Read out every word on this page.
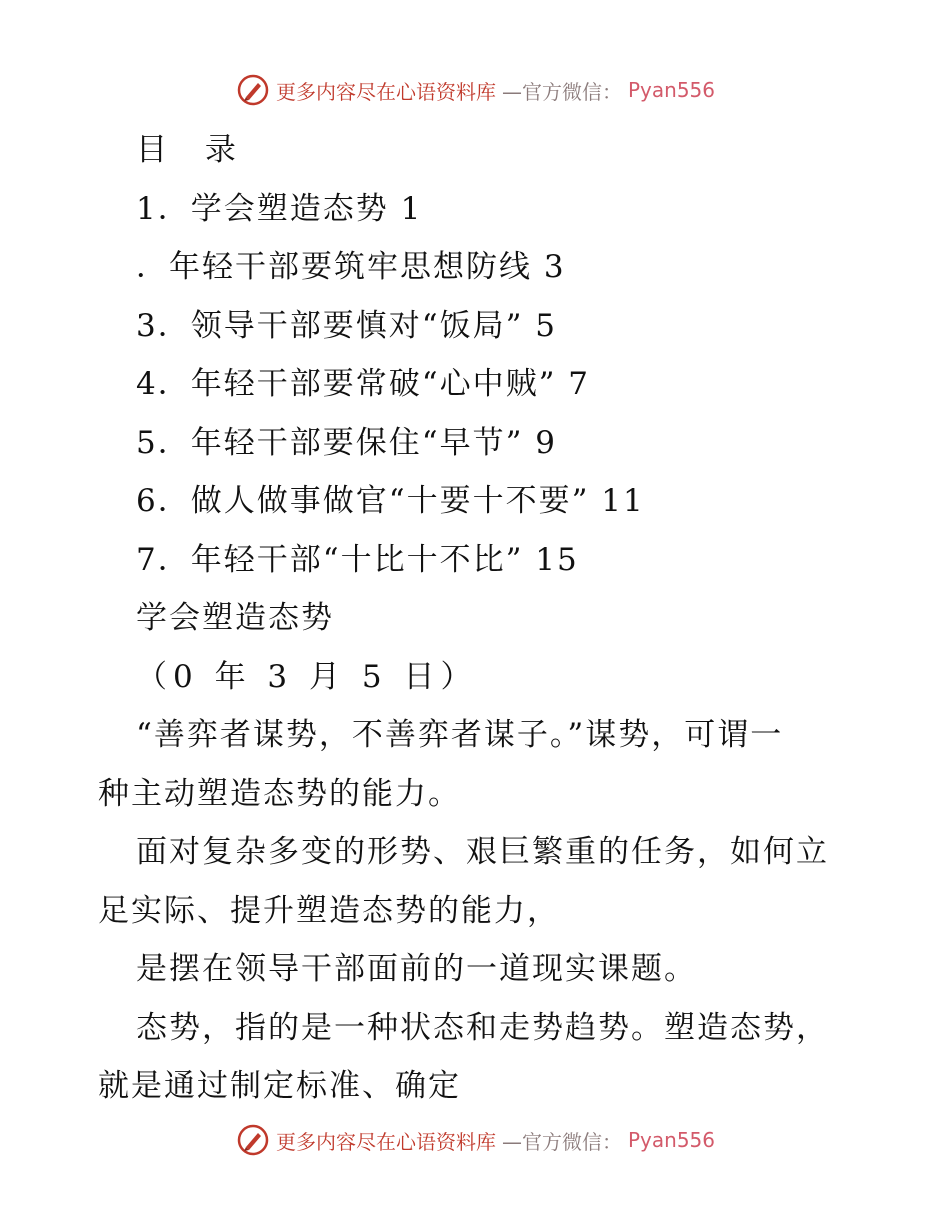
更多内容尽在心语资料库 —官方微信： Pyan556
目 录
1．学会塑造态势 1
．年轻干部要筑牢思想防线 3
3．领导干部要慎对“饭局” 5
4．年轻干部要常破“心中贼” 7
5．年轻干部要保住“早节” 9
6．做人做事做官“十要十不要” 11
7．年轻干部“十比十不比” 15
学会塑造态势
（0 年 3 月 5 日）
“善弈者谋势，不善弈者谋子。”谋势，可谓一
种主动塑造态势的能力。
面对复杂多变的形势、艰巨繁重的任务，如何立
足实际、提升塑造态势的能力，
是摆在领导干部面前的一道现实课题。
态势，指的是一种状态和走势趋势。塑造态势，
就是通过制定标准、确定
更多内容尽在心语资料库 —官方微信： Pyan556
